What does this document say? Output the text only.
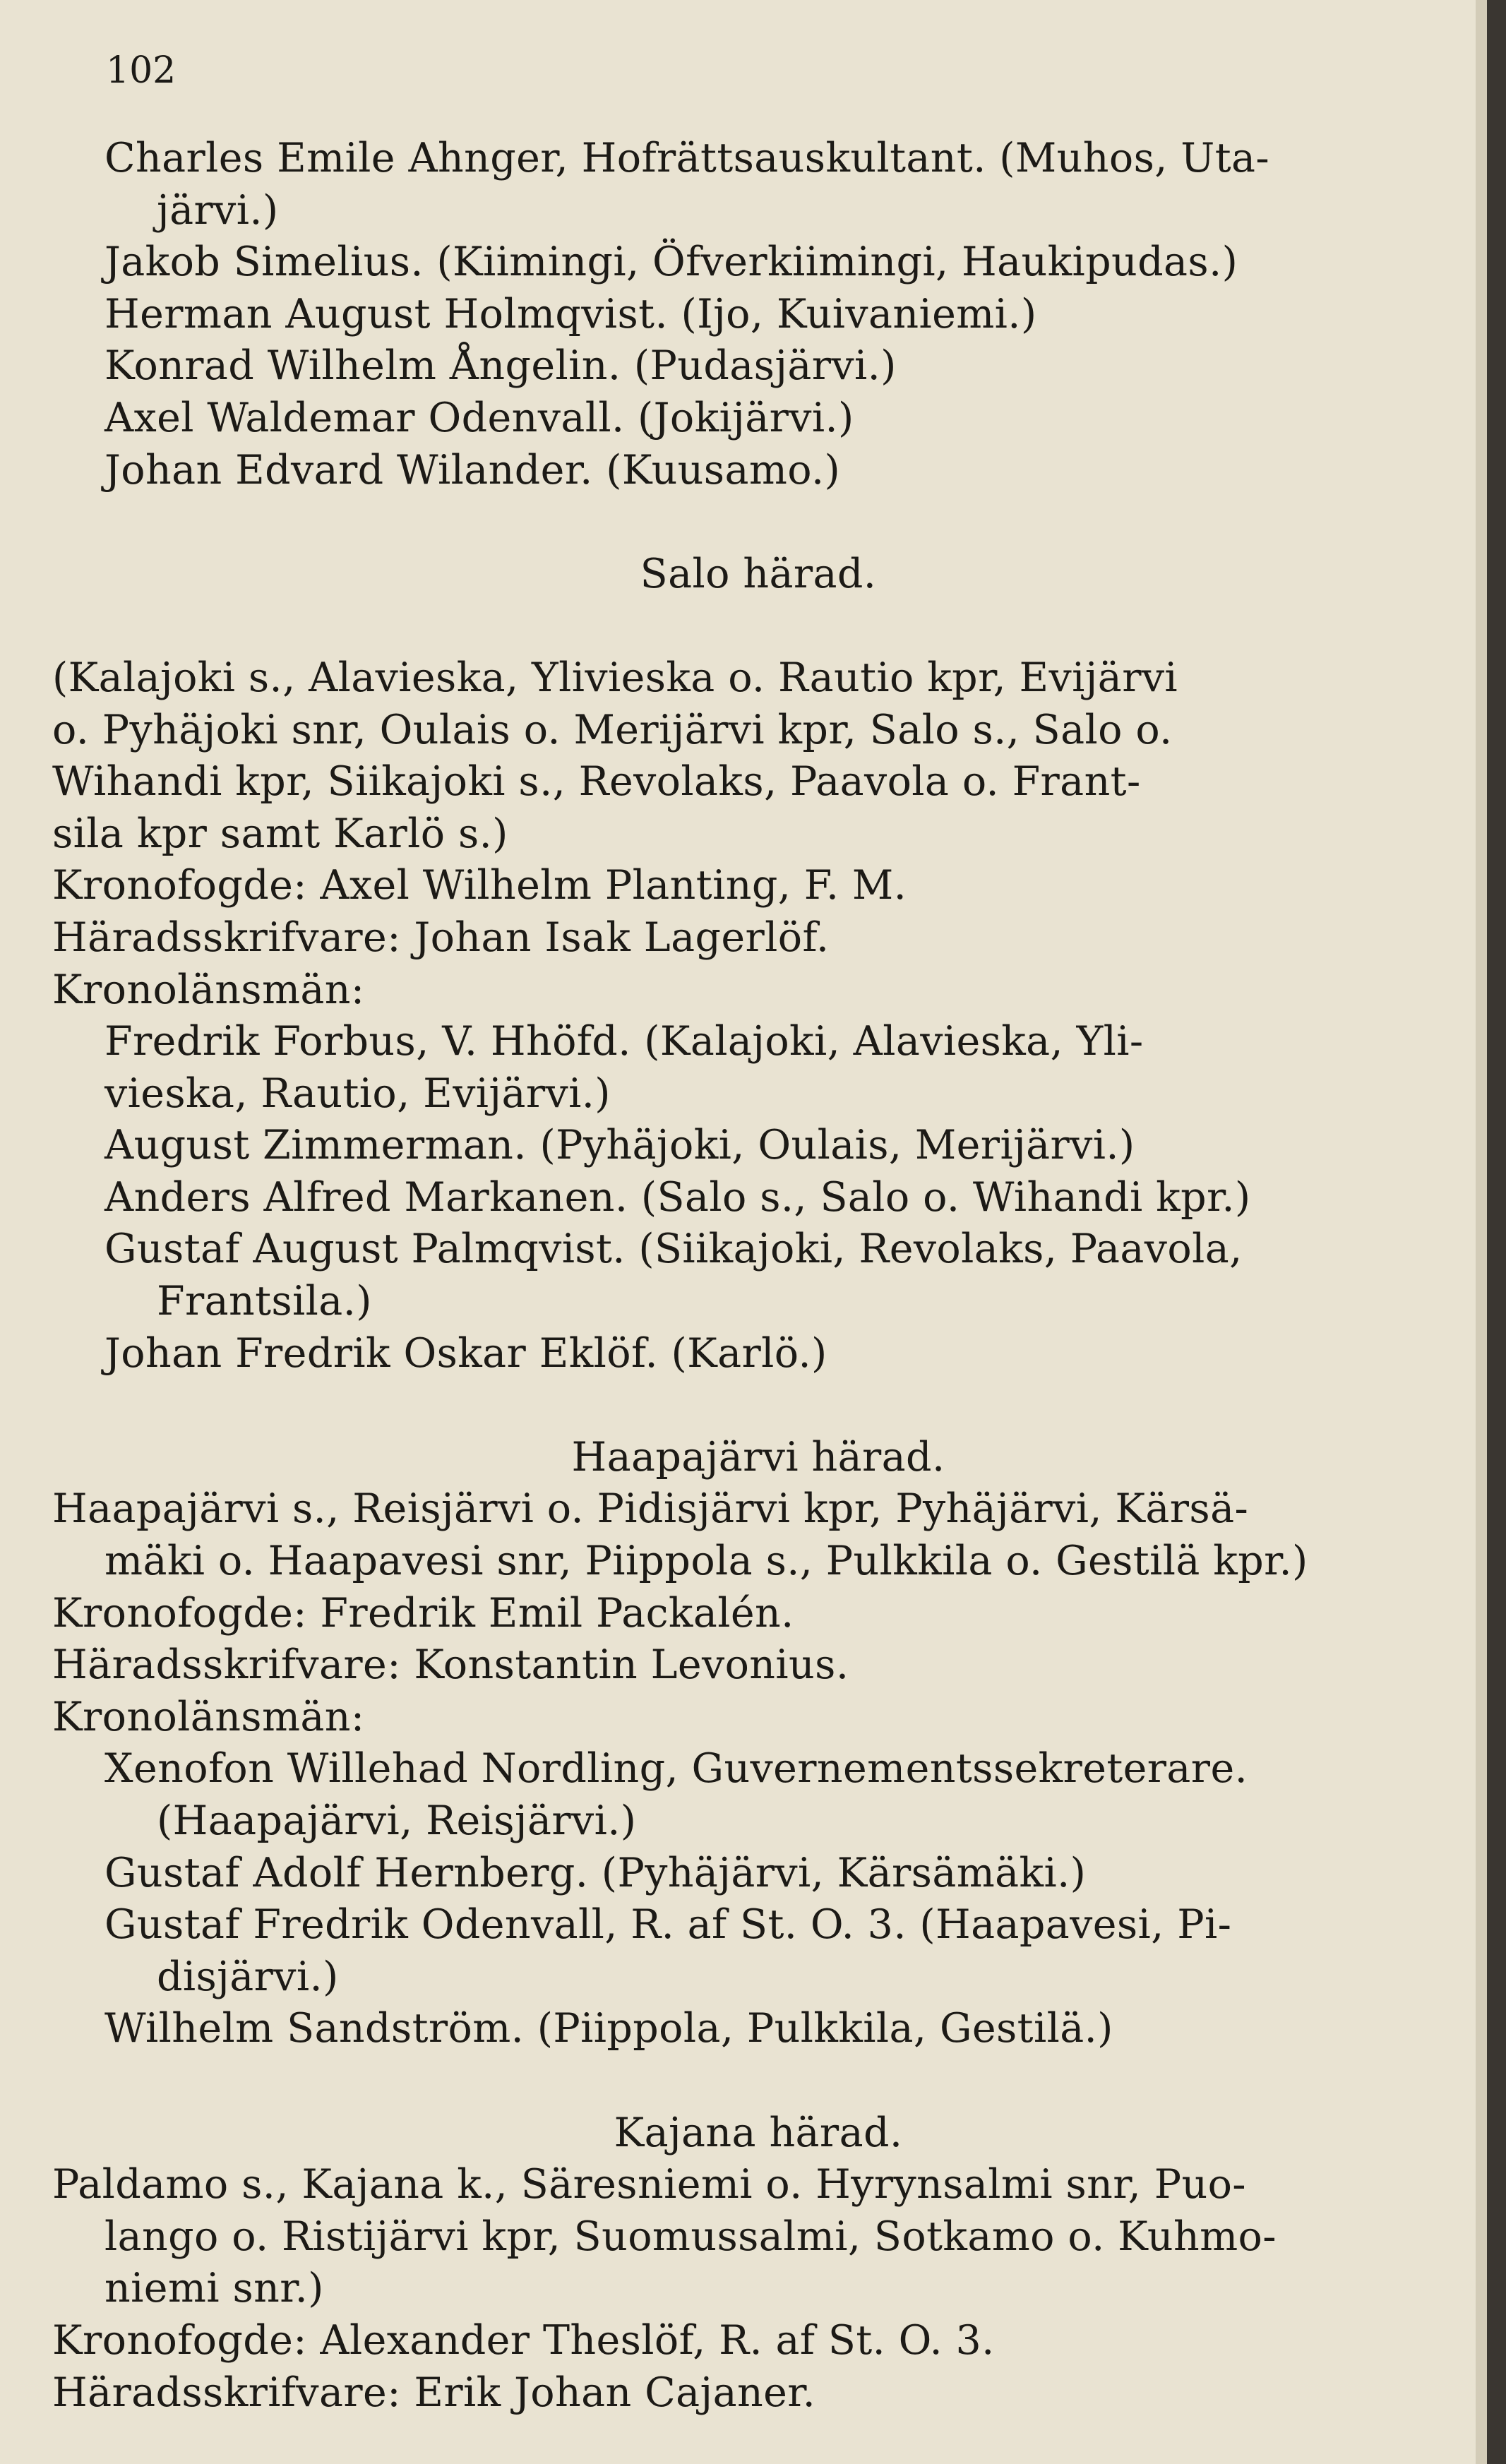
102
Charles Emile Ahnger, Hofrättsauskultant. (Muhos, Uta-
järvi.)
Jakob Simelius. (Kiimingi, Öfverkiimingi, Haukipudas.)
Herman August Holmqvist. (Ijo, Kuivaniemi.)
Konrad Wilhelm Ångelin. (Pudasjärvi.)
Axel Waldemar Odenvall. (Jokijärvi.)
Johan Edvard Wilander. (Kuusamo.)
Salo härad.
(Kalajoki s., Alavieska, Ylivieska o. Rautio kpr, Evijärvi
o. Pyhäjoki snr, Oulais o. Merijärvi kpr, Salo s., Salo o.
Wihandi kpr, Siikajoki s., Revolaks, Paavola o. Frant-
sila kpr samt Karlö s.)
Kronofogde: Axel Wilhelm Planting, F. M.
Häradsskrifvare: Johan Isak Lagerlöf.
Kronolänsmän:
Fredrik Forbus, V. Hhöfd. (Kalajoki, Alavieska, Yli-
vieska, Rautio, Evijärvi.)
August Zimmerman. (Pyhäjoki, Oulais, Merijärvi.)
Anders Alfred Markanen. (Salo s., Salo o. Wihandi kpr.)
Gustaf August Palmqvist. (Siikajoki, Revolaks, Paavola,
Frantsila.)
Johan Fredrik Oskar Eklöf. (Karlö.)
Haapajärvi härad.
Haapajärvi s., Reisjärvi o. Pidisjärvi kpr, Pyhäjärvi, Kärsä-
mäki o. Haapavesi snr, Piippola s., Pulkkila o. Gestilä kpr.)
Kronofogde: Fredrik Emil Packalén.
Häradsskrifvare: Konstantin Levonius.
Kronolänsmän:
Xenofon Willehad Nordling, Guvernementssekreterare.
(Haapajärvi, Reisjärvi.)
Gustaf Adolf Hernberg. (Pyhäjärvi, Kärsämäki.)
Gustaf Fredrik Odenvall, R. af St. O. 3. (Haapavesi, Pi-
disjärvi.)
Wilhelm Sandström. (Piippola, Pulkkila, Gestilä.)
Kajana härad.
Paldamo s., Kajana k., Säresniemi o. Hyrynsalmi snr, Puo-
lango o. Ristijärvi kpr, Suomussalmi, Sotkamo o. Kuhmo-
niemi snr.)
Kronofogde: Alexander Theslöf, R. af St. O. 3.
Häradsskrifvare: Erik Johan Cajaner.
